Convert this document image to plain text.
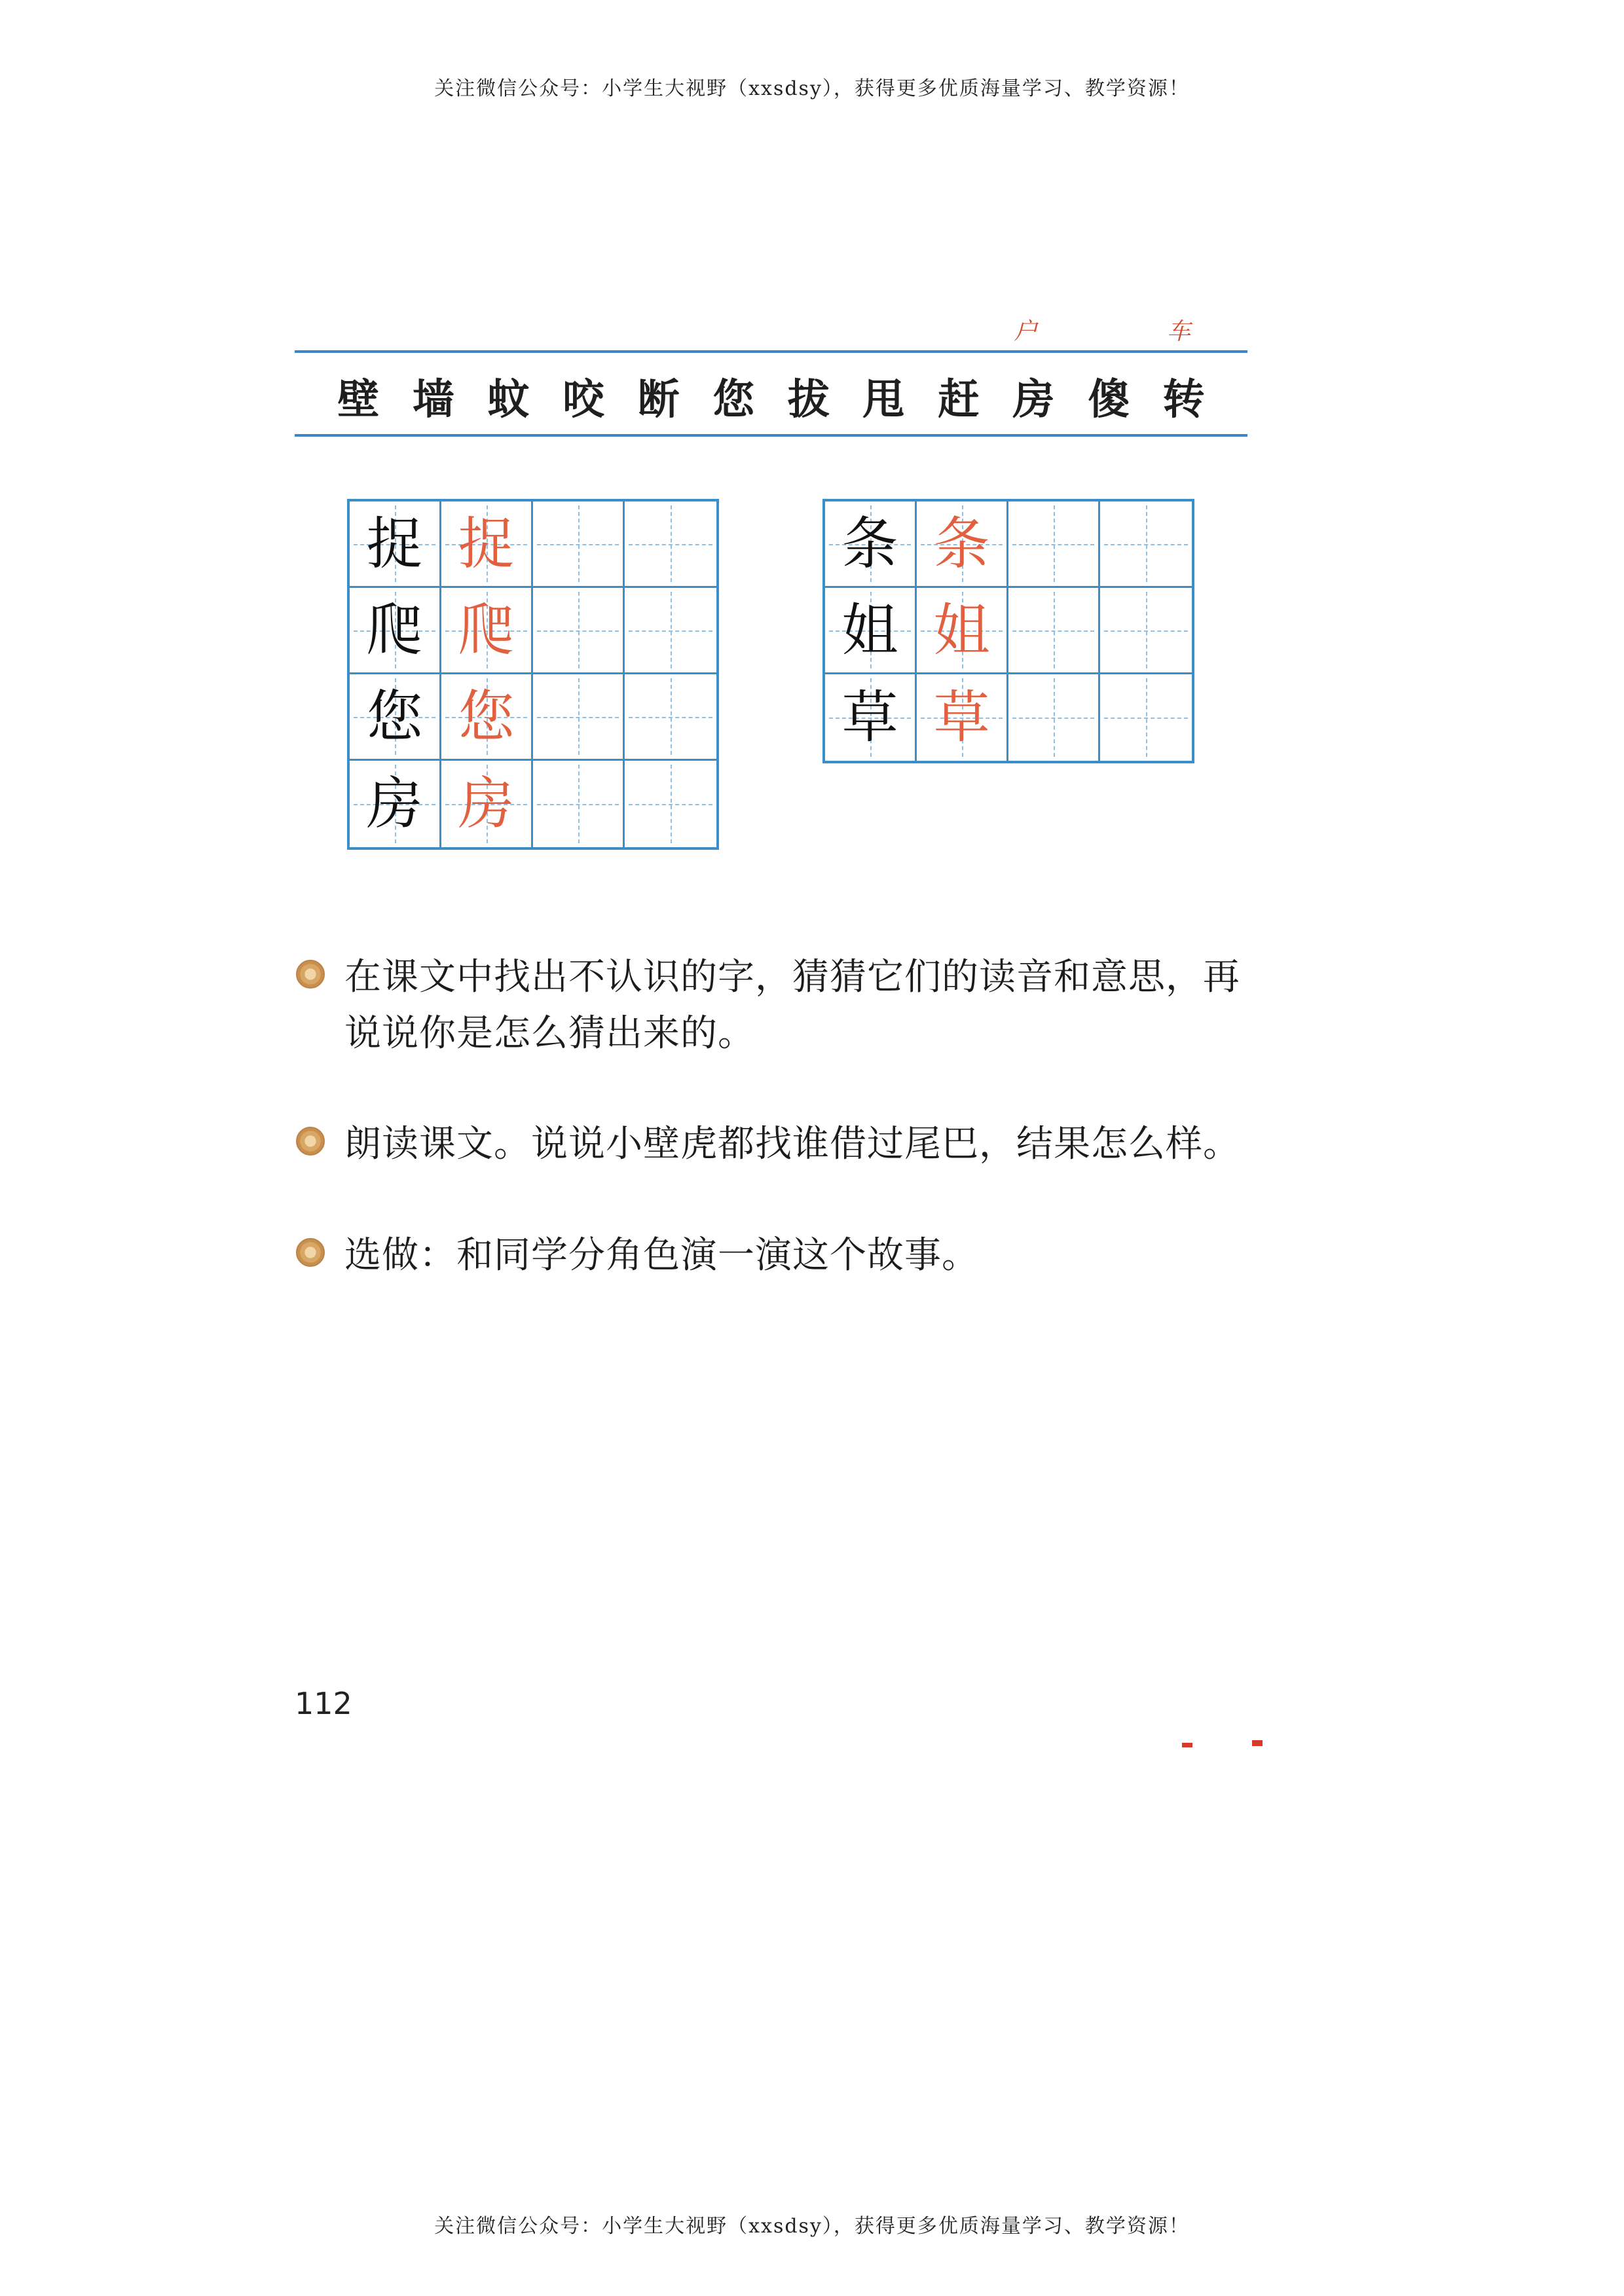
关注微信公众号：小学生大视野（xxsdsy），获得更多优质海量学习、教学资源！
户	车
壁 墙 蚊 咬 断 您 拔 甩 赶 房 傻 转
捉 捉
爬 爬
您 您
房 房
条 条
姐 姐
草 草
在课文中找出不认识的字，猜猜它们的读音和意思，再说说你是怎么猜出来的。
朗读课文。说说小壁虎都找谁借过尾巴，结果怎么样。
选做：和同学分角色演一演这个故事。
112
关注微信公众号：小学生大视野（xxsdsy），获得更多优质海量学习、教学资源！
